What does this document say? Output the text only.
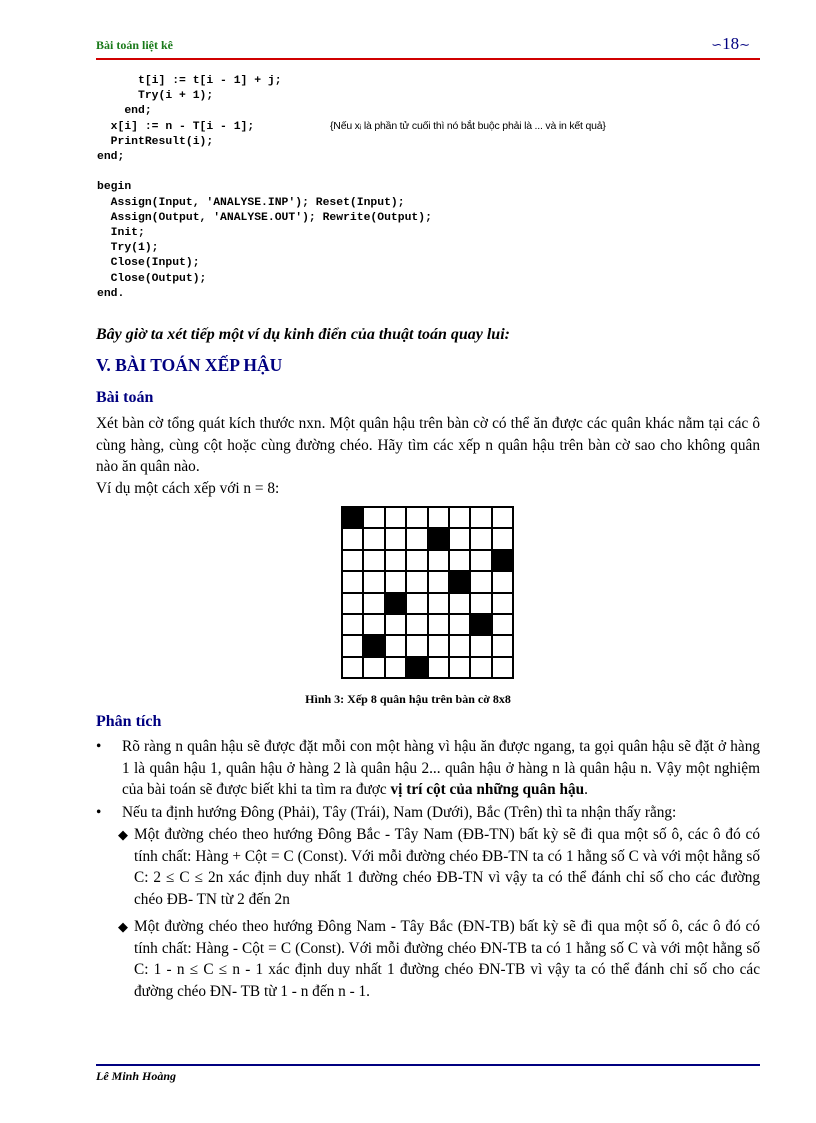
Bài toán liệt kê	∽18∼
t[i] := t[i - 1] + j;
Try(i + 1);
end;
x[i] := n - T[i - 1];
PrintResult(i);
end;

begin
Assign(Input, 'ANALYSE.INP'); Reset(Input);
Assign(Output, 'ANALYSE.OUT'); Rewrite(Output);
Init;
Try(1);
Close(Input);
Close(Output);
end.
{Nếu xᵢ là phần tử cuối thì nó bắt buộc phải là ... và in kết quả}
Bây giờ ta xét tiếp một ví dụ kinh điển của thuật toán quay lui:
V. BÀI TOÁN XẾP HẬU
Bài toán
Xét bàn cờ tổng quát kích thước nxn. Một quân hậu trên bàn cờ có thể ăn được các quân khác nằm tại các ô cùng hàng, cùng cột hoặc cùng đường chéo. Hãy tìm các xếp n quân hậu trên bàn cờ sao cho không quân nào ăn quân nào.
Ví dụ một cách xếp với n = 8:
Hình 3: Xếp 8 quân hậu trên bàn cờ 8x8
Phân tích
• Rõ ràng n quân hậu sẽ được đặt mỗi con một hàng vì hậu ăn được ngang, ta gọi quân hậu sẽ đặt ở hàng 1 là quân hậu 1, quân hậu ở hàng 2 là quân hậu 2... quân hậu ở hàng n là quân hậu n. Vậy một nghiệm của bài toán sẽ được biết khi ta tìm ra được vị trí cột của những quân hậu.
• Nếu ta định hướng Đông (Phải), Tây (Trái), Nam (Dưới), Bắc (Trên) thì ta nhận thấy rằng:
◆ Một đường chéo theo hướng Đông Bắc - Tây Nam (ĐB-TN) bất kỳ sẽ đi qua một số ô, các ô đó có tính chất: Hàng + Cột = C (Const). Với mỗi đường chéo ĐB-TN ta có 1 hằng số C và với một hằng số C: 2 ≤ C ≤ 2n xác định duy nhất 1 đường chéo ĐB-TN vì vậy ta có thể đánh chỉ số cho các đường chéo ĐB- TN từ 2 đến 2n
◆ Một đường chéo theo hướng Đông Nam - Tây Bắc (ĐN-TB) bất kỳ sẽ đi qua một số ô, các ô đó có tính chất: Hàng - Cột = C (Const). Với mỗi đường chéo ĐN-TB ta có 1 hằng số C và với một hằng số C: 1 - n ≤ C ≤ n - 1 xác định duy nhất 1 đường chéo ĐN-TB vì vậy ta có thể đánh chỉ số cho các đường chéo ĐN- TB từ 1 - n đến n - 1.
Lê Minh Hoàng
